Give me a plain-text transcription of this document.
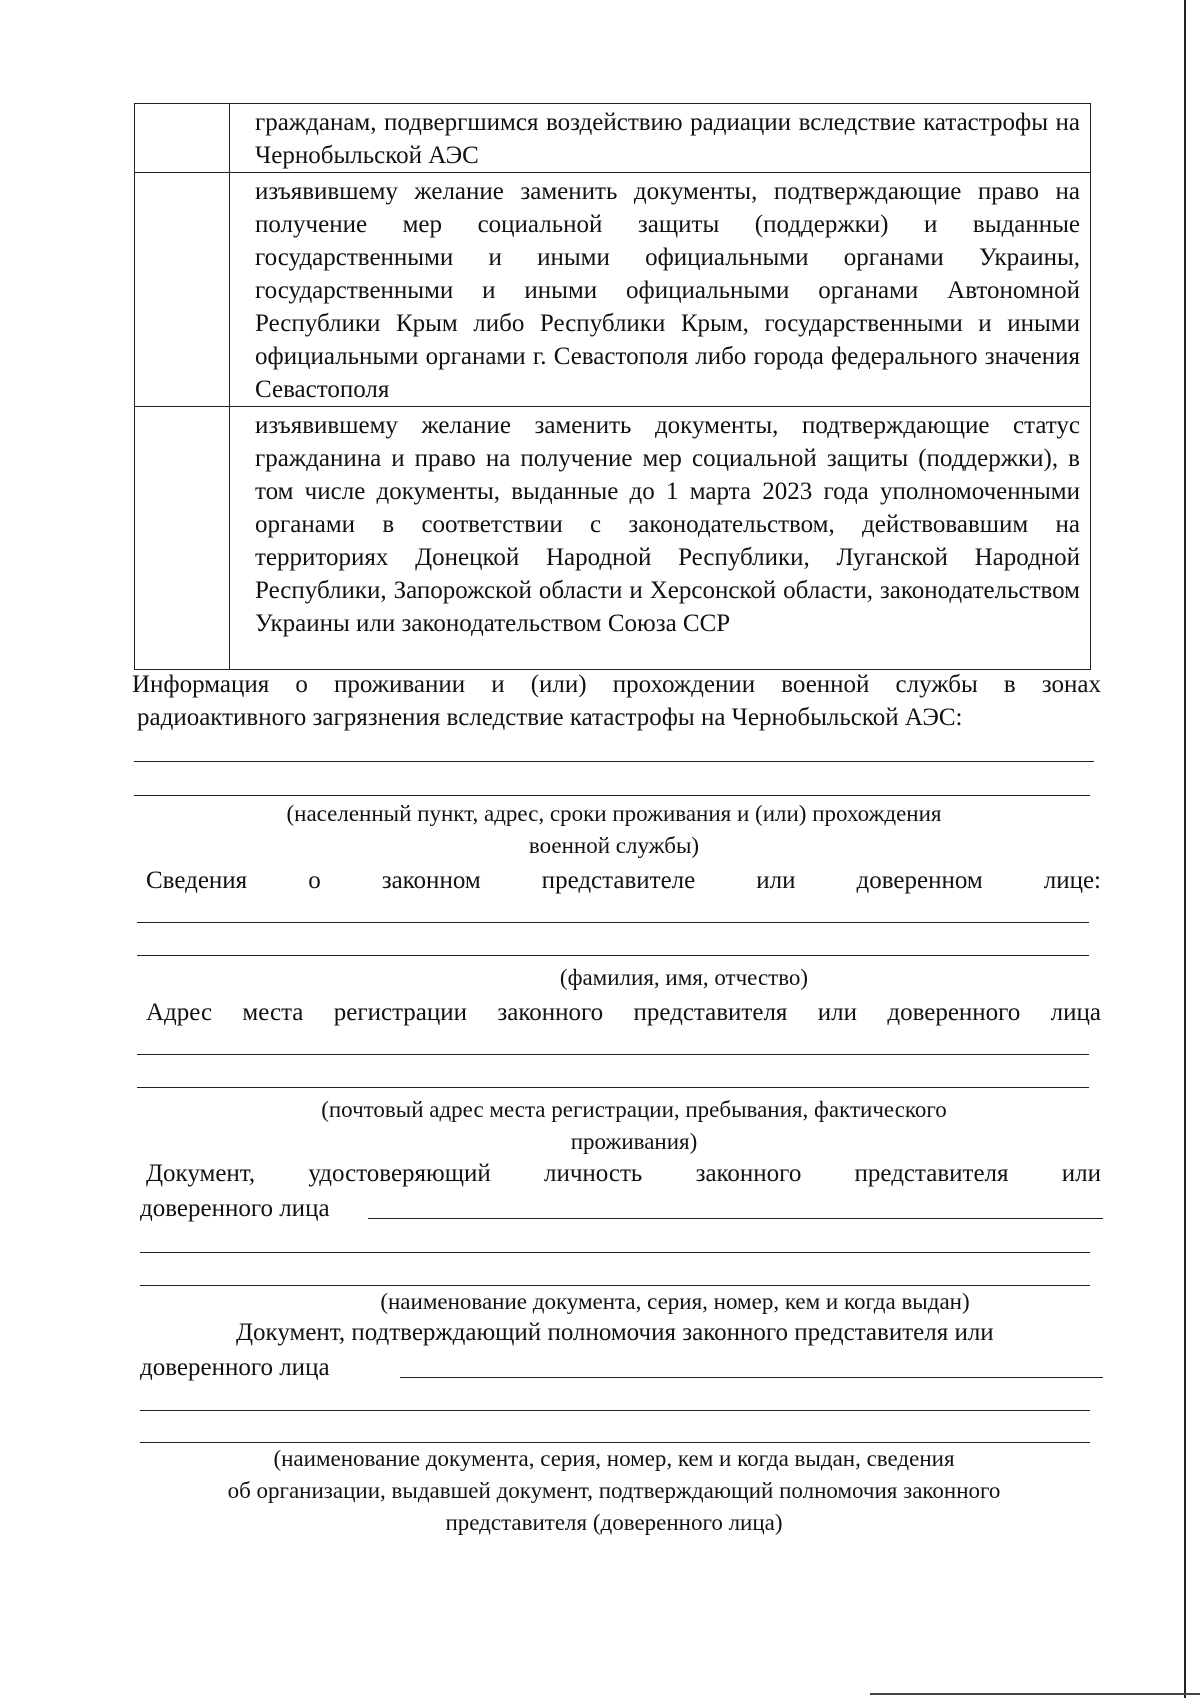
	гражданам, подвергшимся воздействию радиации вследствие катастрофы на Чернобыльской АЭС

	изъявившему желание заменить документы, подтверждающие право на получение мер социальной защиты (поддержки) и выданные государственными и иными официальными органами Украины, государственными и иными официальными органами Автономной Республики Крым либо Республики Крым, государственными и иными официальными органами г. Севастополя либо города федерального значения Севастополя

	изъявившему желание заменить документы, подтверждающие статус гражданина и право на получение мер социальной защиты (поддержки), в том числе документы, выданные до 1 марта 2023 года уполномоченными органами в соответствии с законодательством, действовавшим на территориях Донецкой Народной Республики, Луганской Народной Республики, Запорожской области и Херсонской области, законодательством Украины или законодательством Союза ССР
Информация о проживании и (или) прохождении военной службы в зонах
радиоактивного загрязнения вследствие катастрофы на Чернобыльской АЭС:
(населенный пункт, адрес, сроки проживания и (или) прохождения
военной службы)
Сведения о законном представителе или доверенном лице:
(фамилия, имя, отчество)
Адрес места регистрации законного представителя или доверенного лица
(почтовый адрес места регистрации, пребывания, фактического
проживания)
Документ, удостоверяющий личность законного представителя или
доверенного лица
(наименование документа, серия, номер, кем и когда выдан)
Документ, подтверждающий полномочия законного представителя или
доверенного лица
(наименование документа, серия, номер, кем и когда выдан, сведения
об организации, выдавшей документ, подтверждающий полномочия законного
представителя (доверенного лица)
